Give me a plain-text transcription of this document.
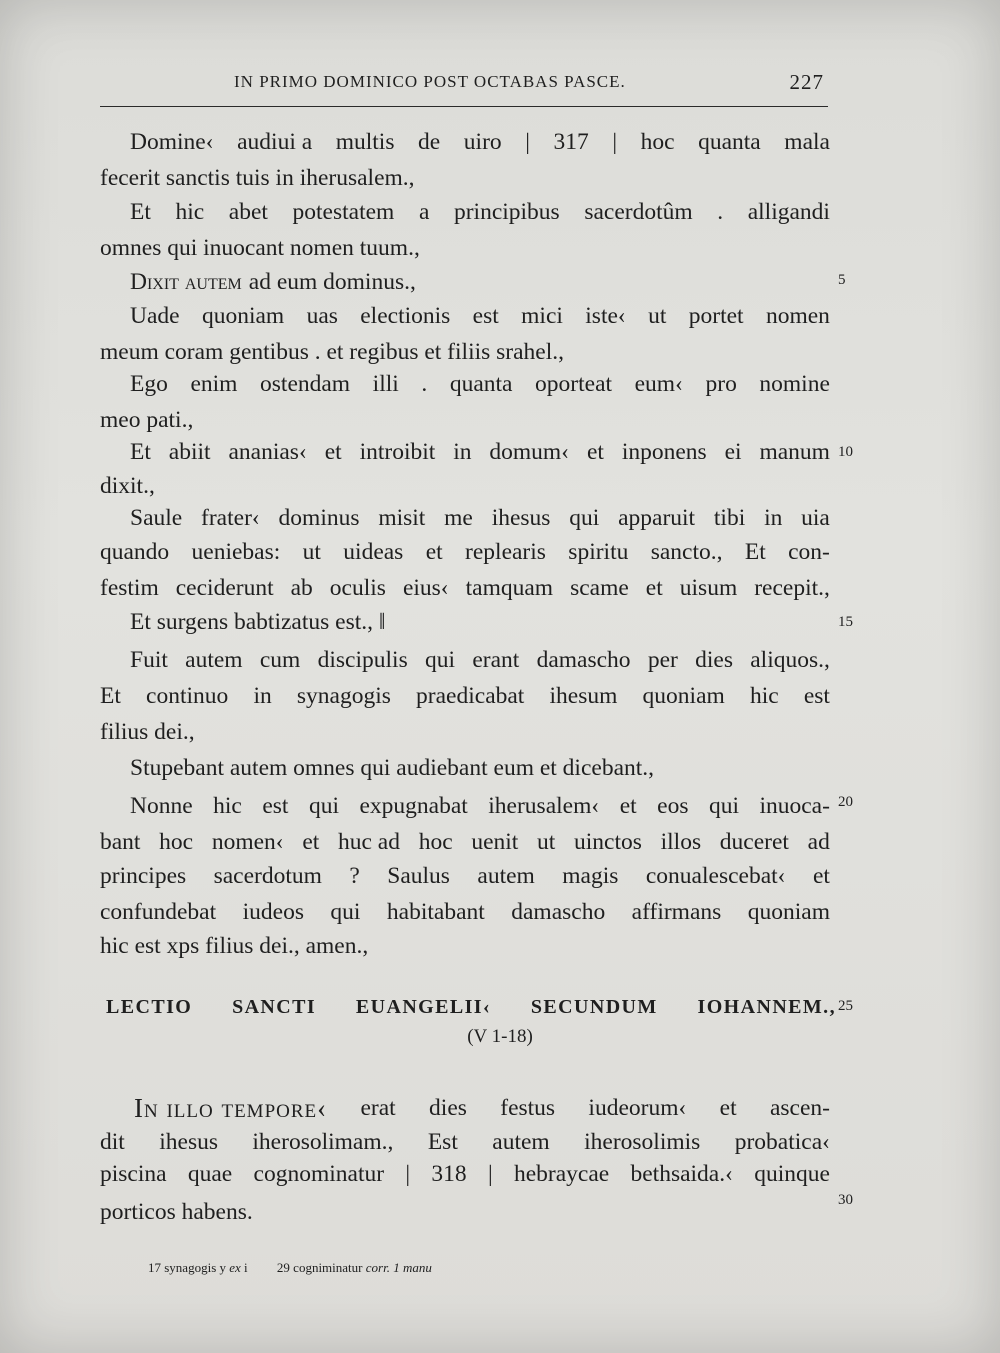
IN PRIMO DOMINICO POST OCTABAS PASCE.	227
Domine‹ audiui a multis de uiro | 317 | hoc quanta mala
fecerit sanctis tuis in iherusalem.,
Et hic abet potestatem a principibus sacerdotûm . alligandi
omnes qui inuocant nomen tuum.,
Dixit autem ad eum dominus.,
Uade quoniam uas electionis est mici iste‹ ut portet nomen
meum coram gentibus . et regibus et filiis srahel.,
Ego enim ostendam illi . quanta oporteat eum‹ pro nomine
meo pati.,
Et abiit ananias‹ et introibit in domum‹ et inponens ei manum
dixit.,
Saule frater‹ dominus misit me ihesus qui apparuit tibi in uia
quando ueniebas: ut uideas et replearis spiritu sancto., Et con-
festim ceciderunt ab oculis eius‹ tamquam scame et uisum recepit.,
Et surgens babtizatus est., ‖
Fuit autem cum discipulis qui erant damascho per dies aliquos.,
Et continuo in synagogis praedicabat ihesum quoniam hic est
filius dei.,
Stupebant autem omnes qui audiebant eum et dicebant.,
Nonne hic est qui expugnabat iherusalem‹ et eos qui inuoca-
bant hoc nomen‹ et huc ad hoc uenit ut uinctos illos duceret ad
principes sacerdotum ? Saulus autem magis conualescebat‹ et
confundebat iudeos qui habitabant damascho affirmans quoniam
hic est xps filius dei., amen.,
In illo tempore‹ erat dies festus iudeorum‹ et ascen-
dit ihesus iherosolimam., Est autem iherosolimis probatica‹
piscina quae cognominatur | 318 | hebraycae bethsaida.‹ quinque
porticos habens.
LECTIO SANCTI EUANGELII‹ SECUNDUM IOHANNEM.,
(V 1-18)
5
10
15
20
25
30
17 synagogis y ex i 29 cogniminatur corr. 1 manu
